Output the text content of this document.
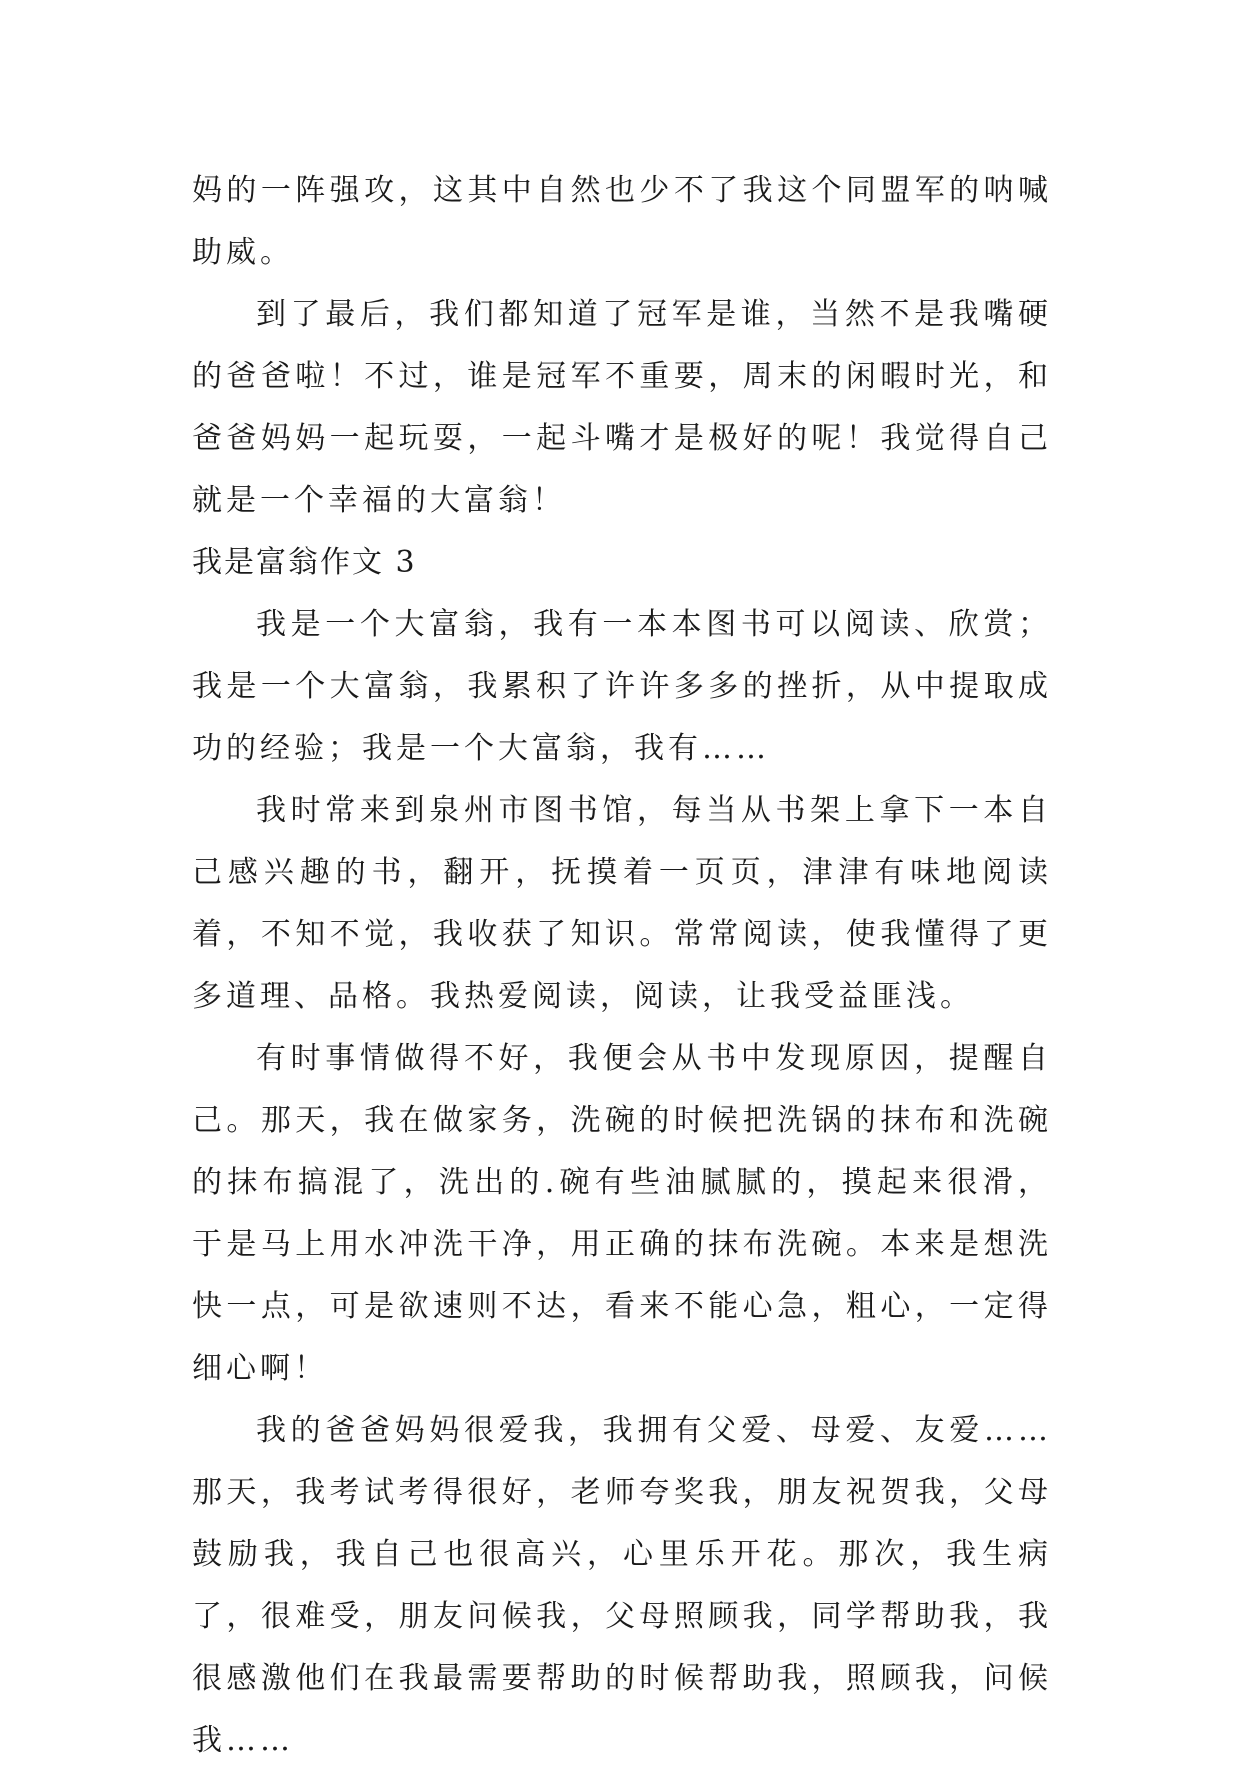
妈的一阵强攻，这其中自然也少不了我这个同盟军的呐喊助威。

到了最后，我们都知道了冠军是谁，当然不是我嘴硬的爸爸啦！不过，谁是冠军不重要，周末的闲暇时光，和爸爸妈妈一起玩耍，一起斗嘴才是极好的呢！我觉得自己就是一个幸福的大富翁！

我是富翁作文 3

我是一个大富翁，我有一本本图书可以阅读、欣赏；我是一个大富翁，我累积了许许多多的挫折，从中提取成功的经验；我是一个大富翁，我有……

我时常来到泉州市图书馆，每当从书架上拿下一本自己感兴趣的书，翻开，抚摸着一页页，津津有味地阅读着，不知不觉，我收获了知识。常常阅读，使我懂得了更多道理、品格。我热爱阅读，阅读，让我受益匪浅。

有时事情做得不好，我便会从书中发现原因，提醒自己。那天，我在做家务，洗碗的时候把洗锅的抹布和洗碗的抹布搞混了，洗出的.碗有些油腻腻的，摸起来很滑，于是马上用水冲洗干净，用正确的抹布洗碗。本来是想洗快一点，可是欲速则不达，看来不能心急，粗心，一定得细心啊！

我的爸爸妈妈很爱我，我拥有父爱、母爱、友爱……那天，我考试考得很好，老师夸奖我，朋友祝贺我，父母鼓励我，我自己也很高兴，心里乐开花。那次，我生病了，很难受，朋友问候我，父母照顾我，同学帮助我，我很感激他们在我最需要帮助的时候帮助我，照顾我，问候我……
